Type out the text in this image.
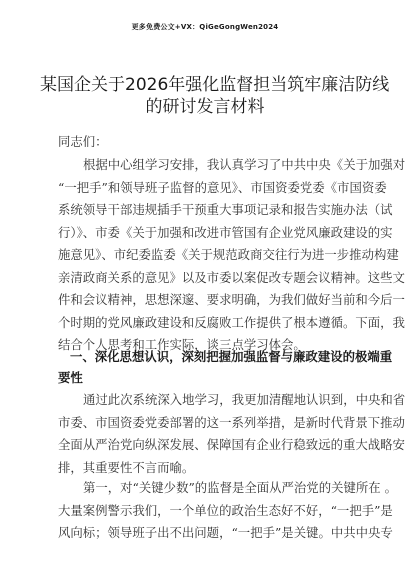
更多免费公文+VX：QiGeGongWen2024
某国企关于2026年强化监督担当筑牢廉洁防线
的研讨发言材料
同志们：
根据中心组学习安排，我认真学习了中共中央《关于加强对
“一把手”和领导班子监督的意见》、市国资委党委《市国资委
系统领导干部违规插手干预重大事项记录和报告实施办法（试
行）》、市委《关于加强和改进市管国有企业党风廉政建设的实
施意见》、市纪委监委《关于规范政商交往行为进一步推动构建
亲清政商关系的意见》以及市委以案促改专题会议精神。这些文
件和会议精神，思想深邃、要求明确，为我们做好当前和今后一
个时期的党风廉政建设和反腐败工作提供了根本遵循。下面，我
结合个人思考和工作实际，谈三点学习体会。
一、深化思想认识，深刻把握加强监督与廉政建设的极端重
要性
通过此次系统深入地学习，我更加清醒地认识到，中央和省
市委、市国资委党委部署的这一系列举措，是新时代背景下推动
全面从严治党向纵深发展、保障国有企业行稳致远的重大战略安
排，其重要性不言而喻。
第一，对“关键少数”的监督是全面从严治党的关键所在 。
大量案例警示我们，一个单位的政治生态好不好，“一把手”是
风向标；领导班子出不出问题，“一把手”是关键。中共中央专
